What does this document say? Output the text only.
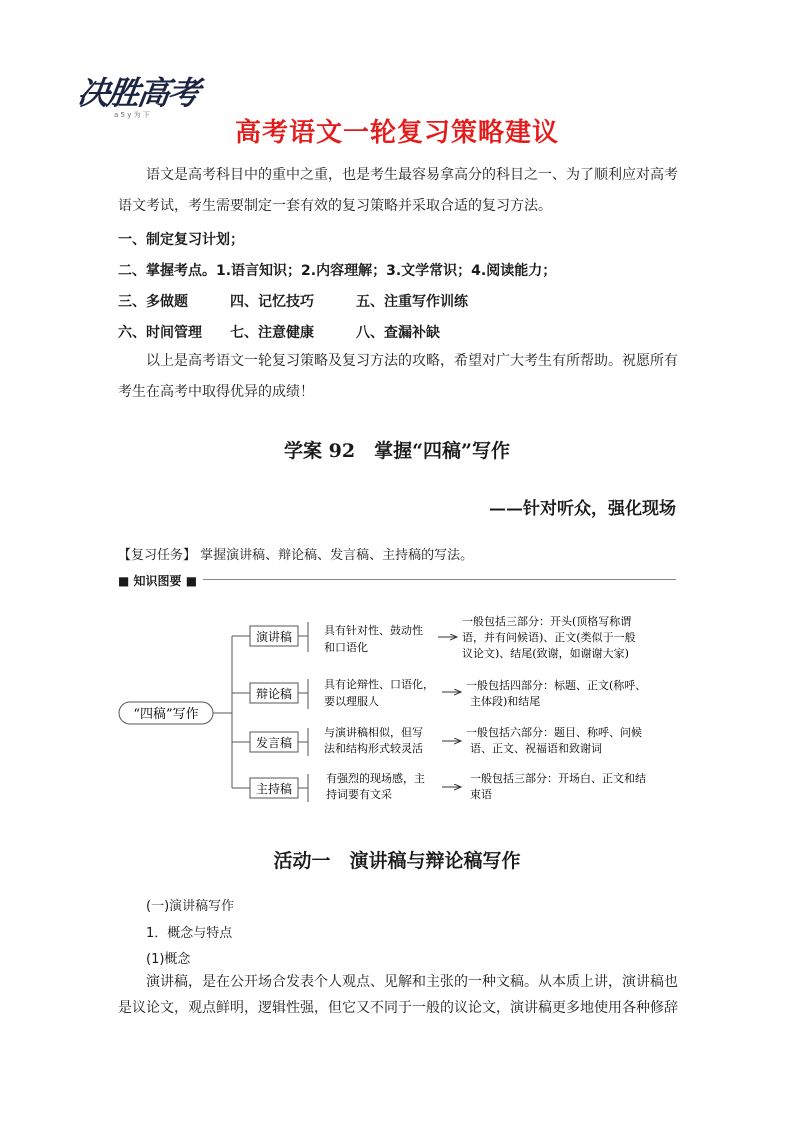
决胜高考
a 5 y 为 下
高考语文一轮复习策略建议
语文是高考科目中的重中之重，也是考生最容易拿高分的科目之一、为了顺利应对高考语文考试，考生需要制定一套有效的复习策略并采取合适的复习方法。
一、制定复习计划；
二、掌握考点。1.语言知识；2.内容理解；3.文学常识；4.阅读能力；
三、多做题	四、记忆技巧	五、注重写作训练
六、时间管理 七、注意健康	八、查漏补缺
以上是高考语文一轮复习策略及复习方法的攻略，希望对广大考生有所帮助。祝愿所有考生在高考中取得优异的成绩！
学案 92　掌握“四稿”写作
——针对听众，强化现场
【复习任务】 掌握演讲稿、辩论稿、发言稿、主持稿的写法。
■ 知识图要 ■
“四稿”写作
演讲稿	具有针对性、鼓动性
和口语化
一般包括三部分：开头(顶格写称谓
语，并有问候语)、正文(类似于一般
议论文)、结尾(致谢，如谢谢大家)
辩论稿
具有论辩性、口语化，
要以理服人
一般包括四部分：标题、正文(称呼、
主体段)和结尾
发言稿
与演讲稿相似，但写
法和结构形式较灵活
一般包括六部分：题目、称呼、问候
语、正文、祝福语和致谢词
主持稿
有强烈的现场感，主
持词要有文采
一般包括三部分：开场白、正文和结
束语
活动一　演讲稿与辩论稿写作
(一)演讲稿写作
1．概念与特点
(1)概念
演讲稿，是在公开场合发表个人观点、见解和主张的一种文稿。从本质上讲，演讲稿也是议论文，观点鲜明，逻辑性强，但它又不同于一般的议论文，演讲稿更多地使用各种修辞
